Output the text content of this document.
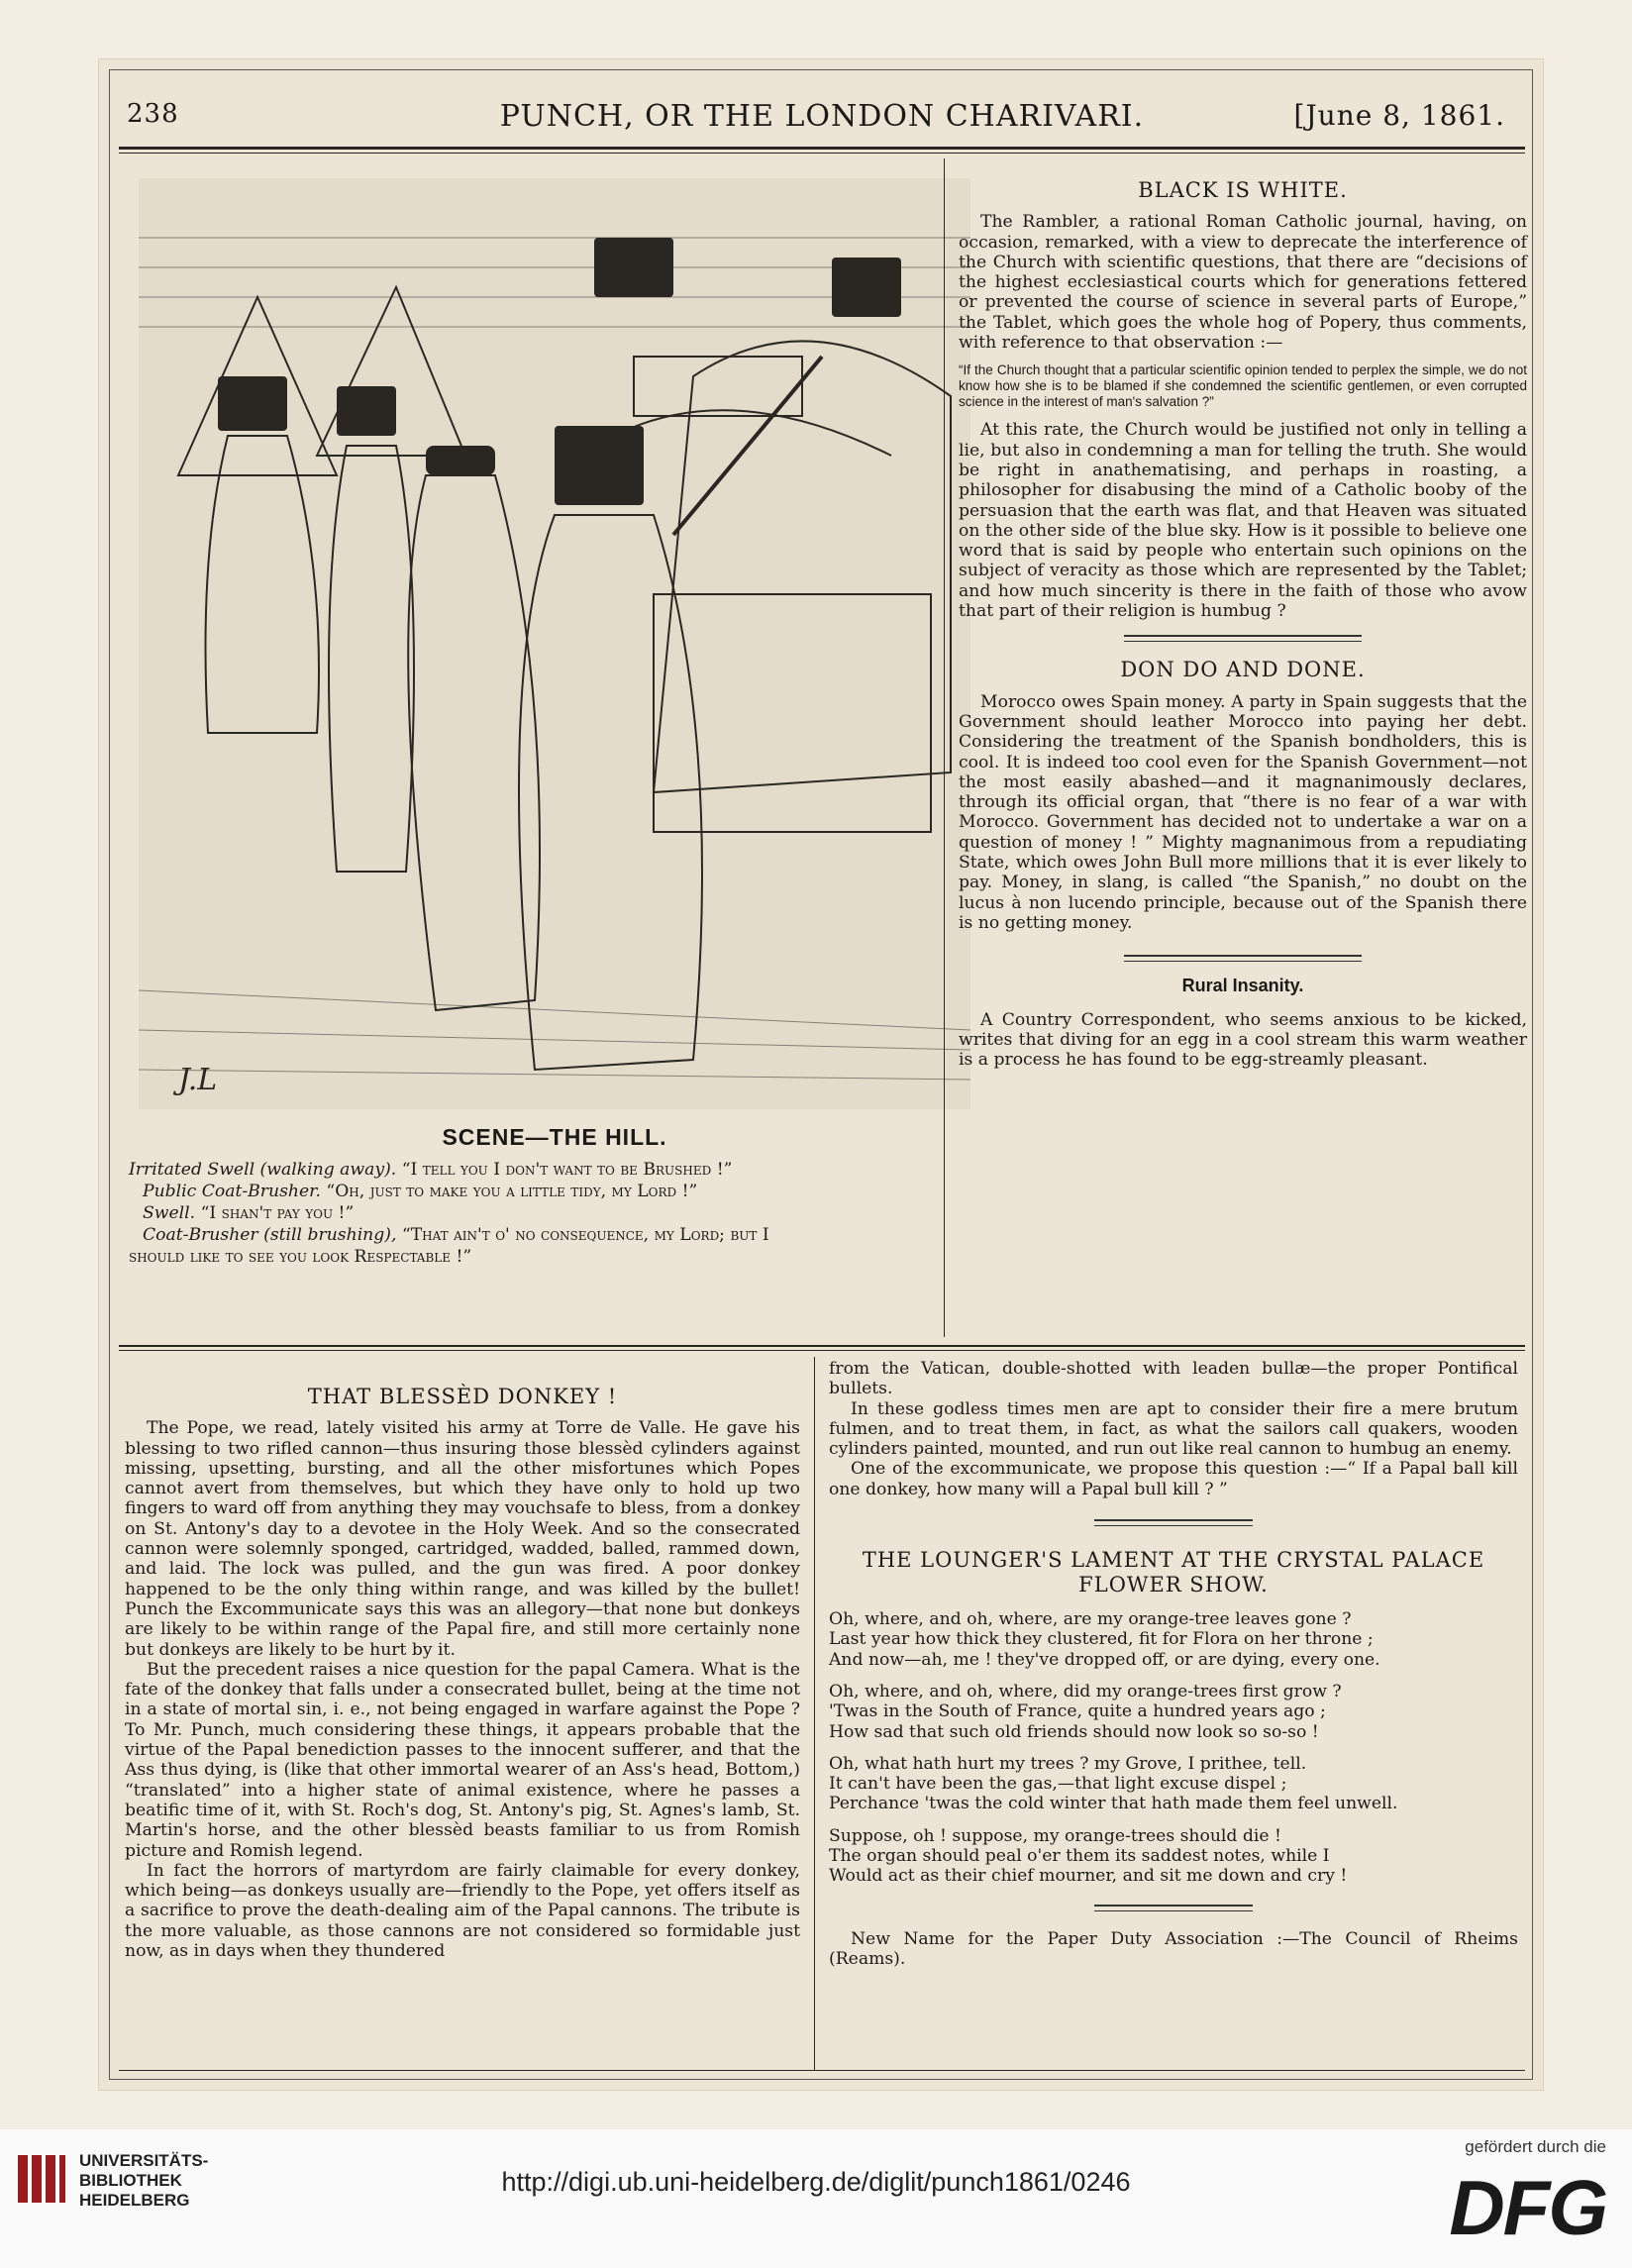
238	PUNCH, OR THE LONDON CHARIVARI.	[June 8, 1861.
J.L
SCENE—THE HILL.
Irritated Swell (walking away). “I tell you I don't want to be Brushed !”
Public Coat-Brusher. “Oh, just to make you a little tidy, my Lord !”
Swell. “I shan't pay you !”
Coat-Brusher (still brushing), “That ain't o' no consequence, my Lord; but I
should like to see you look Respectable !”
BLACK IS WHITE.

The Rambler, a rational Roman Catholic journal, having, on occasion, remarked, with a view to deprecate the interference of the Church with scientific questions, that there are “decisions of the highest ecclesiastical courts which for generations fettered or prevented the course of science in several parts of Europe,” the Tablet, which goes the whole hog of Popery, thus comments, with reference to that observation :—

“If the Church thought that a particular scientific opinion tended to perplex the simple, we do not know how she is to be blamed if she condemned the scientific gentlemen, or even corrupted science in the interest of man's salvation ?”

At this rate, the Church would be justified not only in telling a lie, but also in condemning a man for telling the truth. She would be right in anathematising, and perhaps in roasting, a philosopher for disabusing the mind of a Catholic booby of the persuasion that the earth was flat, and that Heaven was situated on the other side of the blue sky. How is it possible to believe one word that is said by people who entertain such opinions on the subject of veracity as those which are represented by the Tablet; and how much sincerity is there in the faith of those who avow that part of their religion is humbug ?

DON DO AND DONE.

Morocco owes Spain money. A party in Spain suggests that the Government should leather Morocco into paying her debt. Considering the treatment of the Spanish bondholders, this is cool. It is indeed too cool even for the Spanish Government—not the most easily abashed—and it magnanimously declares, through its official organ, that “there is no fear of a war with Morocco. Government has decided not to undertake a war on a question of money ! ” Mighty magnanimous from a repudiating State, which owes John Bull more millions that it is ever likely to pay. Money, in slang, is called “the Spanish,” no doubt on the lucus à non lucendo principle, because out of the Spanish there is no getting money.

Rural Insanity.

A Country Correspondent, who seems anxious to be kicked, writes that diving for an egg in a cool stream this warm weather is a process he has found to be egg-streamly pleasant.

THAT BLESSÈD DONKEY !

The Pope, we read, lately visited his army at Torre de Valle. He gave his blessing to two rifled cannon—thus insuring those blessèd cylinders against missing, upsetting, bursting, and all the other misfortunes which Popes cannot avert from themselves, but which they have only to hold up two fingers to ward off from anything they may vouchsafe to bless, from a donkey on St. Antony's day to a devotee in the Holy Week. And so the consecrated cannon were solemnly sponged, cartridged, wadded, balled, rammed down, and laid. The lock was pulled, and the gun was fired. A poor donkey happened to be the only thing within range, and was killed by the bullet! Punch the Excommunicate says this was an allegory—that none but donkeys are likely to be within range of the Papal fire, and still more certainly none but donkeys are likely to be hurt by it.

But the precedent raises a nice question for the papal Camera. What is the fate of the donkey that falls under a consecrated bullet, being at the time not in a state of mortal sin, i. e., not being engaged in warfare against the Pope ? To Mr. Punch, much considering these things, it appears probable that the virtue of the Papal benediction passes to the innocent sufferer, and that the Ass thus dying, is (like that other immortal wearer of an Ass's head, Bottom,) “translated” into a higher state of animal existence, where he passes a beatific time of it, with St. Roch's dog, St. Antony's pig, St. Agnes's lamb, St. Martin's horse, and the other blessèd beasts familiar to us from Romish picture and Romish legend.

In fact the horrors of martyrdom are fairly claimable for every donkey, which being—as donkeys usually are—friendly to the Pope, yet offers itself as a sacrifice to prove the death-dealing aim of the Papal cannons. The tribute is the more valuable, as those cannons are not considered so formidable just now, as in days when they thundered

from the Vatican, double-shotted with leaden bullæ—the proper Pontifical bullets.

In these godless times men are apt to consider their fire a mere brutum fulmen, and to treat them, in fact, as what the sailors call quakers, wooden cylinders painted, mounted, and run out like real cannon to humbug an enemy.

One of the excommunicate, we propose this question :—“ If a Papal ball kill one donkey, how many will a Papal bull kill ? ”

THE LOUNGER'S LAMENT AT THE CRYSTAL PALACE FLOWER SHOW.
Oh, where, and oh, where, are my orange-tree leaves gone ?
Last year how thick they clustered, fit for Flora on her throne ;
And now—ah, me ! they've dropped off, or are dying, every one.
Oh, where, and oh, where, did my orange-trees first grow ?
'Twas in the South of France, quite a hundred years ago ;
How sad that such old friends should now look so so-so !
Oh, what hath hurt my trees ? my Grove, I prithee, tell.
It can't have been the gas,—that light excuse dispel ;
Perchance 'twas the cold winter that hath made them feel unwell.
Suppose, oh ! suppose, my orange-trees should die !
The organ should peal o'er them its saddest notes, while I
Would act as their chief mourner, and sit me down and cry !

New Name for the Paper Duty Association :—The Council of Rheims (Reams).

UNIVERSITÄTS-
BIBLIOTHEK
HEIDELBERG
http://digi.ub.uni-heidelberg.de/diglit/punch1861/0246
gefördert durch die
DFG
